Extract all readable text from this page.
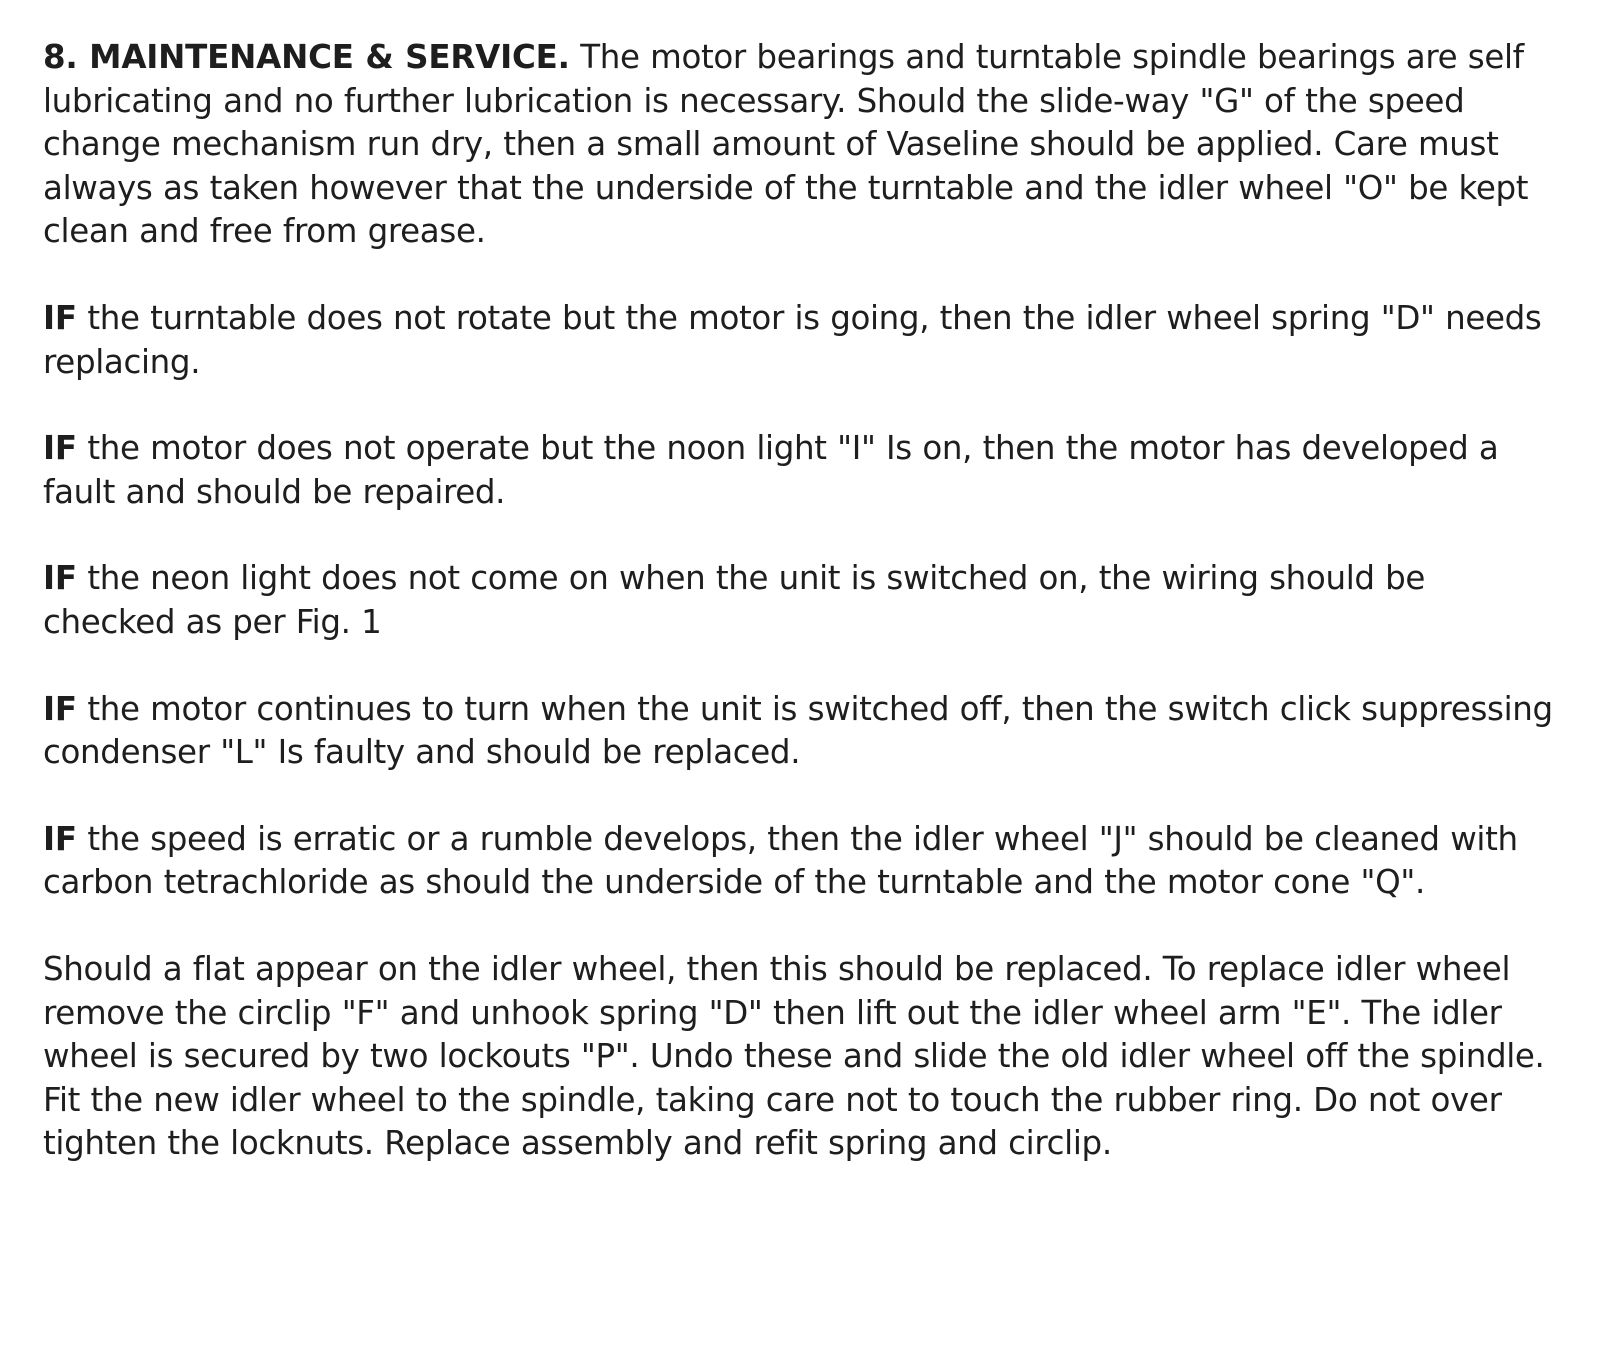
8. MAINTENANCE & SERVICE. The motor bearings and turntable spindle bearings are self lubricating and no further lubrication is necessary. Should the slide-way "G" of the speed change mechanism run dry, then a small amount of Vaseline should be applied. Care must always as taken however that the underside of the turntable and the idler wheel "O" be kept clean and free from grease.

IF the turntable does not rotate but the motor is going, then the idler wheel spring "D" needs replacing.

IF the motor does not operate but the noon light "I" Is on, then the motor has developed a fault and should be repaired.

IF the neon light does not come on when the unit is switched on, the wiring should be checked as per Fig. 1

IF the motor continues to turn when the unit is switched off, then the switch click suppressing condenser "L" Is faulty and should be replaced.

IF the speed is erratic or a rumble develops, then the idler wheel "J" should be cleaned with carbon tetrachloride as should the underside of the turntable and the motor cone "Q".

Should a flat appear on the idler wheel, then this should be replaced. To replace idler wheel remove the circlip "F" and unhook spring "D" then lift out the idler wheel arm "E". The idler wheel is secured by two lockouts "P". Undo these and slide the old idler wheel off the spindle. Fit the new idler wheel to the spindle, taking care not to touch the rubber ring. Do not over tighten the locknuts. Replace assembly and refit spring and circlip.
